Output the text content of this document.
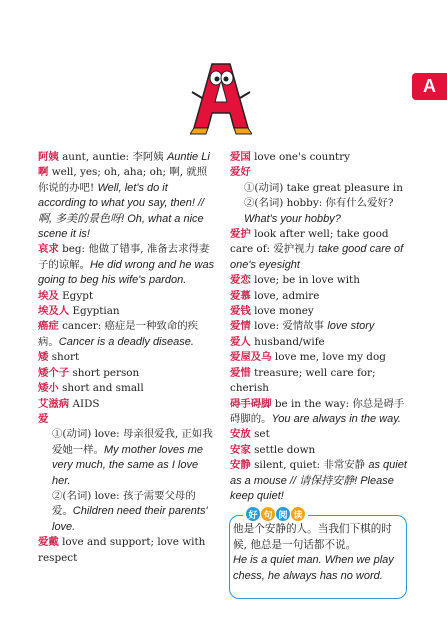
A

阿姨 aunt, auntie: 李阿姨 Auntie Li

啊 well, yes; oh, aha; oh; 啊, 就照你说的办吧! Well, let's do it according to what you say, then! // 啊, 多美的景色呀! Oh, what a nice scene it is!

哀求 beg: 他做了错事, 准备去求得妻子的谅解。He did wrong and he was going to beg his wife's pardon.

埃及 Egypt

埃及人 Egyptian

癌症 cancer: 癌症是一种致命的疾病。Cancer is a deadly disease.

矮 short

矮个子 short person

矮小 short and small

艾滋病 AIDS

爱

①(动词) love: 母亲很爱我, 正如我爱她一样。My mother loves me very much, the same as I love her.

②(名词) love: 孩子需要父母的爱。Children need their parents' love.

爱戴 love and support; love with respect

爱国 love one's country

爱好

①(动词) take great pleasure in

②(名词) hobby: 你有什么爱好? What's your hobby?

爱护 look after well; take good care of: 爱护视力 take good care of one's eyesight

爱恋 love; be in love with

爱慕 love, admire

爱钱 love money

爱情 love: 爱情故事 love story

爱人 husband/wife

爱屋及乌 love me, love my dog

爱惜 treasure; well care for; cherish

碍手碍脚 be in the way: 你总是碍手碍脚的。You are always in the way.

安放 set

安家 settle down

安静 silent, quiet: 非常安静 as quiet as a mouse // 请保持安静! Please keep quiet!

好 句 阅 读
他是个安静的人。当我们下棋的时候, 他总是一句话都不说。
He is a quiet man. When we play chess, he always has no word.
